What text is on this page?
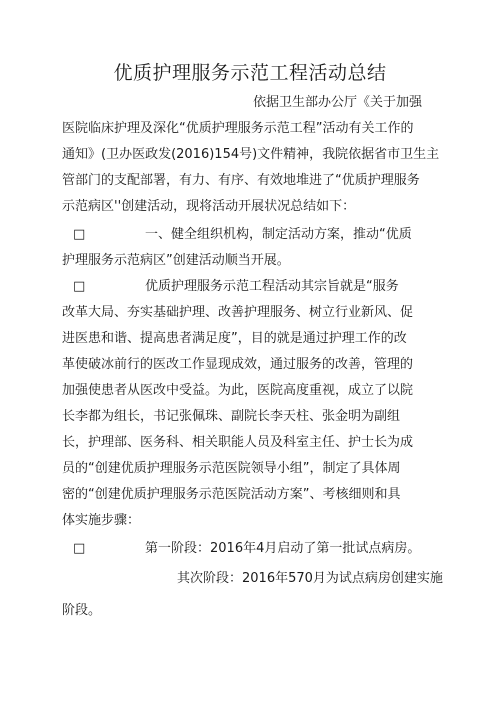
优质护理服务示范工程活动总结
依据卫生部办公厅《关于加强
医院临床护理及深化“优质护理服务示范工程”活动有关工作的
通知》(卫办医政发(2016)154号)文件精神，我院依据省市卫生主
管部门的支配部署，有力、有序、有效地堆进了“优质护理服务
示范病区''创建活动，现将活动开展状况总结如下：
□	一、健全组织机构，制定活动方案，推动“优质
护理服务示范病区”创建活动顺当开展。
□	优质护理服务示范工程活动其宗旨就是“服务
改革大局、夯实基础护理、改善护理服务、树立行业新风、促
进医患和谐、提高患者满足度”，目的就是通过护理工作的改
革使破冰前行的医改工作显现成效，通过服务的改善，管理的
加强使患者从医改中受益。为此，医院高度重视，成立了以院
长李都为组长，书记张佩珠、副院长李天柱、张金明为副组
长，护理部、医务科、相关职能人员及科室主任、护士长为成
员的“创建优质护理服务示范医院领导小组”，制定了具体周
密的“创建优质护理服务示范医院活动方案”、考核细则和具
体实施步骤：
□	第一阶段：2016年4月启动了第一批试点病房。
其次阶段：2016年570月为试点病房创建实施
阶段。
